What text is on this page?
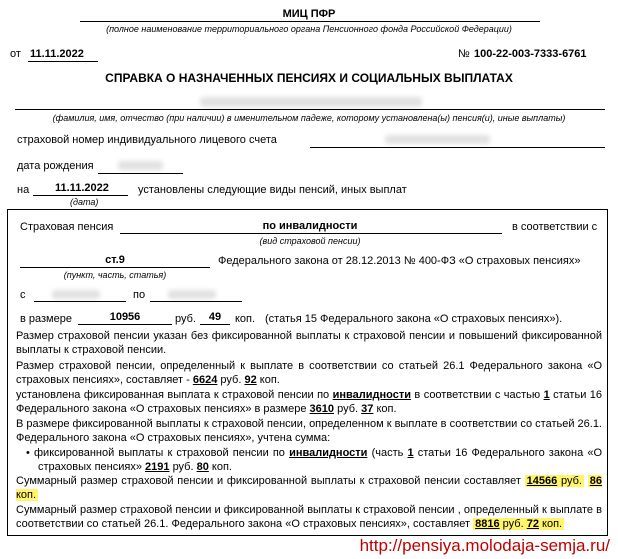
МИЦ ПФР
(полное наименование территориального органа Пенсионного фонда Российской Федерации)
от 11.11.2022	№ 100-22-003-7333-6761
СПРАВКА О НАЗНАЧЕННЫХ ПЕНСИЯХ И СОЦИАЛЬНЫХ ВЫПЛАТАХ
(фамилия, имя, отчество (при наличии) в именительном падеже, которому установлена(ы) пенсия(и), иные выплаты)
страховой номер индивидуального лицевого счета
дата рождения
на 11.11.2022	установлены следующие виды пенсий, иных выплат
(дата)
Страховая пенсия	по инвалидности	в соответствии с
(вид страховой пенсии)
ст.9	Федерального закона от 28.12.2013 № 400-ФЗ «О страховых пенсиях»
(пункт, часть, статья)
с	по
в размере	10956	руб.	49	коп. (статья 15 Федерального закона «О страховых пенсиях»).
Размер страховой пенсии указан без фиксированной выплаты к страховой пенсии и повышений фиксированной выплаты к страховой пенсии.
Размер страховой пенсии, определенный к выплате в соответствии со статьей 26.1 Федерального закона «О страховых пенсиях», составляет - 6624 руб. 92 коп.
установлена фиксированная выплата к страховой пенсии по инвалидности в соответствии с частью 1 статьи 16 Федерального закона «О страховых пенсиях» в размере 3610 руб. 37 коп.
В размере фиксированной выплаты к страховой пенсии, определенном к выплате в соответствии со статьей 26.1. Федерального закона «О страховых пенсиях», учтена сумма:
• фиксированной выплаты к страховой пенсии по инвалидности (часть 1 статьи 16 Федерального закона «О страховых пенсиях» 2191 руб. 80 коп.
Суммарный размер страховой пенсии и фиксированной выплаты к страховой пенсии составляет 14566 руб. 86 коп.
Суммарный размер страховой пенсии и фиксированной выплаты к страховой пенсии , определенный к выплате в соответствии со статьей 26.1. Федерального закона «О страховых пенсиях», составляет 8816 руб. 72 коп.
http://pensiya.molodaja-semja.ru/
